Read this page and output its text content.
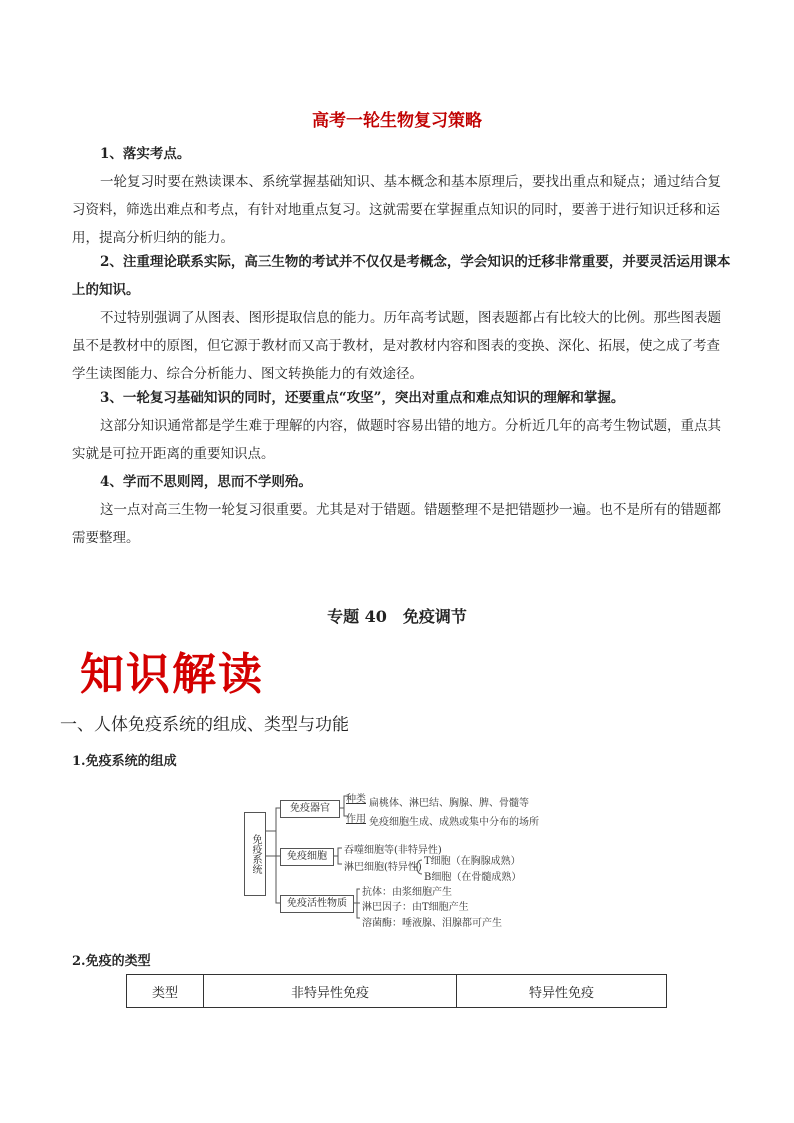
高考一轮生物复习策略
1、落实考点。
一轮复习时要在熟读课本、系统掌握基础知识、基本概念和基本原理后，要找出重点和疑点；通过结合复习资料，筛选出难点和考点，有针对地重点复习。这就需要在掌握重点知识的同时，要善于进行知识迁移和运用，提高分析归纳的能力。
2、注重理论联系实际，高三生物的考试并不仅仅是考概念，学会知识的迁移非常重要，并要灵活运用课本上的知识。
不过特别强调了从图表、图形提取信息的能力。历年高考试题，图表题都占有比较大的比例。那些图表题虽不是教材中的原图，但它源于教材而又高于教材，是对教材内容和图表的变换、深化、拓展，使之成了考查学生读图能力、综合分析能力、图文转换能力的有效途径。
3、一轮复习基础知识的同时，还要重点“攻坚”，突出对重点和难点知识的理解和掌握。
这部分知识通常都是学生难于理解的内容，做题时容易出错的地方。分析近几年的高考生物试题，重点其实就是可拉开距离的重要知识点。
4、学而不思则罔，思而不学则殆。
这一点对高三生物一轮复习很重要。尤其是对于错题。错题整理不是把错题抄一遍。也不是所有的错题都需要整理。
专题 40　免疫调节
知识解读
一、人体免疫系统的组成、类型与功能
1.免疫系统的组成
免疫系统
免疫器官
种类 扁桃体、淋巴结、胸腺、脾、骨髓等
作用 免疫细胞生成、成熟或集中分布的场所
免疫细胞
吞噬细胞等(非特异性)
淋巴细胞(特异性)
T细胞（在胸腺成熟）
B细胞（在骨髓成熟）
免疫活性物质
抗体：由浆细胞产生
淋巴因子：由T细胞产生
溶菌酶：唾液腺、泪腺都可产生
2.免疫的类型
类型	非特异性免疫	特异性免疫
